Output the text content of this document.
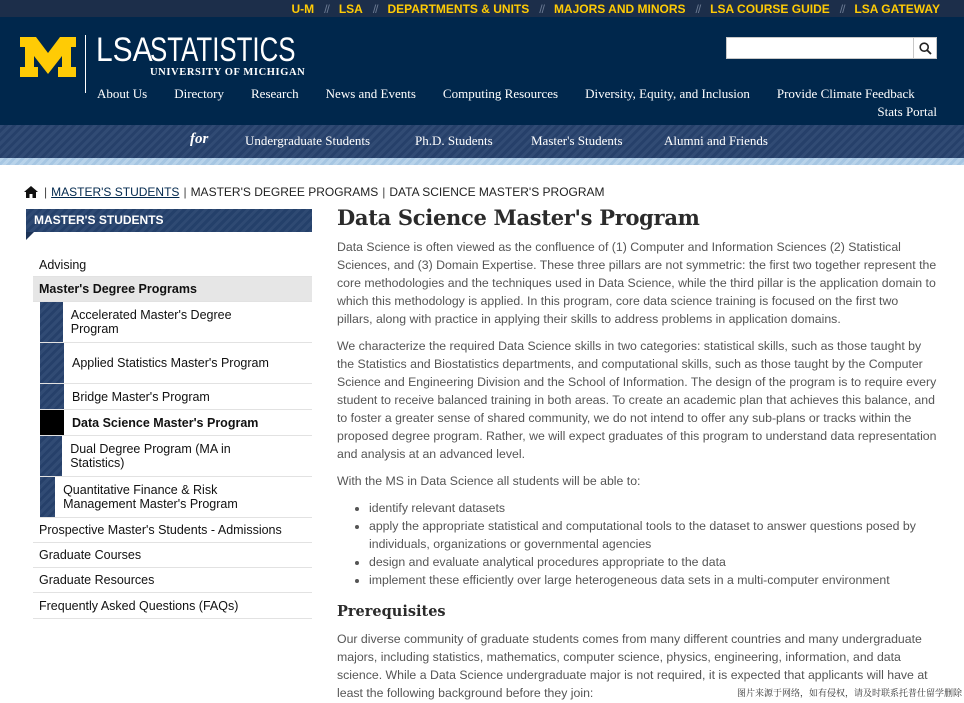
U-M // LSA // DEPARTMENTS & UNITS // MAJORS AND MINORS // LSA COURSE GUIDE // LSA GATEWAY
LSA
STATISTICS
UNIVERSITY OF MICHIGAN
About Us Directory Research News and Events Computing Resources Diversity, Equity, and Inclusion Provide Climate Feedback
Stats Portal
for	Undergraduate Students	Ph.D. Students	Master's Students	Alumni and Friends
| MASTER'S STUDENTS | MASTER'S DEGREE PROGRAMS | DATA SCIENCE MASTER'S PROGRAM
MASTER'S STUDENTS
Advising
Master's Degree Programs
Accelerated Master's Degree Program
Applied Statistics Master's Program
Bridge Master's Program
Data Science Master's Program
Dual Degree Program (MA in Statistics)
Quantitative Finance & Risk Management Master's Program
Prospective Master's Students - Admissions
Graduate Courses
Graduate Resources
Frequently Asked Questions (FAQs)
Data Science Master's Program

Data Science is often viewed as the confluence of (1) Computer and Information Sciences (2) Statistical Sciences, and (3) Domain Expertise. These three pillars are not symmetric: the first two together represent the core methodologies and the techniques used in Data Science, while the third pillar is the application domain to which this methodology is applied. In this program, core data science training is focused on the first two pillars, along with practice in applying their skills to address problems in application domains.

We characterize the required Data Science skills in two categories: statistical skills, such as those taught by the Statistics and Biostatistics departments, and computational skills, such as those taught by the Computer Science and Engineering Division and the School of Information. The design of the program is to require every student to receive balanced training in both areas. To create an academic plan that achieves this balance, and to foster a greater sense of shared community, we do not intend to offer any sub-plans or tracks within the proposed degree program. Rather, we will expect graduates of this program to understand data representation and analysis at an advanced level.

With the MS in Data Science all students will be able to:

• identify relevant datasets
• apply the appropriate statistical and computational tools to the dataset to answer questions posed by individuals, organizations or governmental agencies
• design and evaluate analytical procedures appropriate to the data
• implement these efficiently over large heterogeneous data sets in a multi-computer environment
Prerequisites

Our diverse community of graduate students comes from many different countries and many undergraduate majors, including statistics, mathematics, computer science, physics, engineering, information, and data science. While a Data Science undergraduate major is not required, it is expected that applicants will have at least the following background before they join:	图片来源于网络，如有侵权，请及时联系托普仕留学删除
